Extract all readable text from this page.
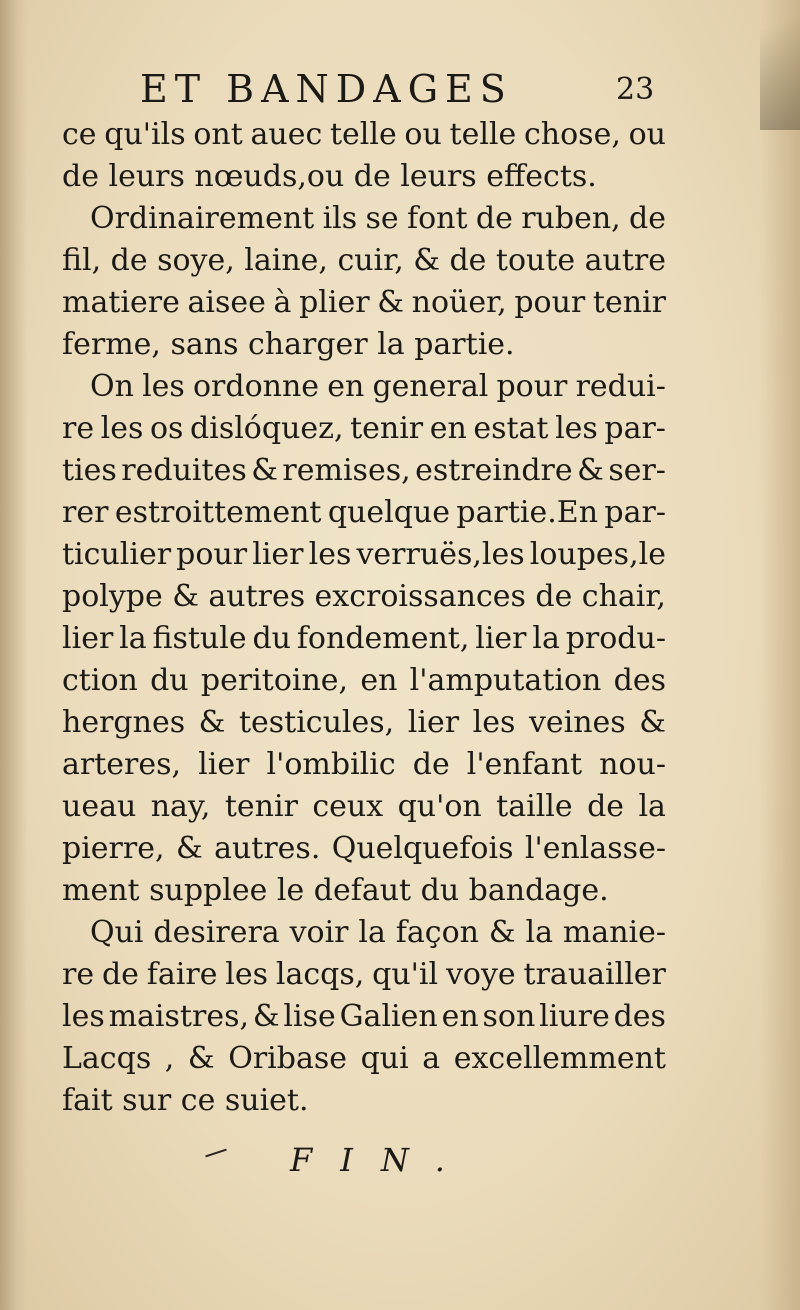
ET BANDAGES	23
ce qu'ils ont auec telle ou telle chose, ou
de leurs nœuds,ou de leurs effects.
Ordinairement ils se font de ruben, de
fil, de soye, laine, cuir, & de toute autre
matiere aisee à plier & noüer, pour tenir
ferme, sans charger la partie.
On les ordonne en general pour redui-
re les os dislóquez, tenir en estat les par-
ties reduites & remises, estreindre & ser-
rer estroittement quelque partie.En par-
ticulier pour lier les verruës,les loupes,le
polype & autres excroissances de chair,
lier la fistule du fondement, lier la produ-
ction du peritoine, en l'amputation des
hergnes & testicules, lier les veines &
arteres, lier l'ombilic de l'enfant nou-
ueau nay, tenir ceux qu'on taille de la
pierre, & autres. Quelquefois l'enlasse-
ment supplee le defaut du bandage.
Qui desirera voir la façon & la manie-
re de faire les lacqs, qu'il voye trauailler
les maistres, & lise Galien en son liure des
Lacqs , & Oribase qui a excellemment
fait sur ce suiet.
FIN.
